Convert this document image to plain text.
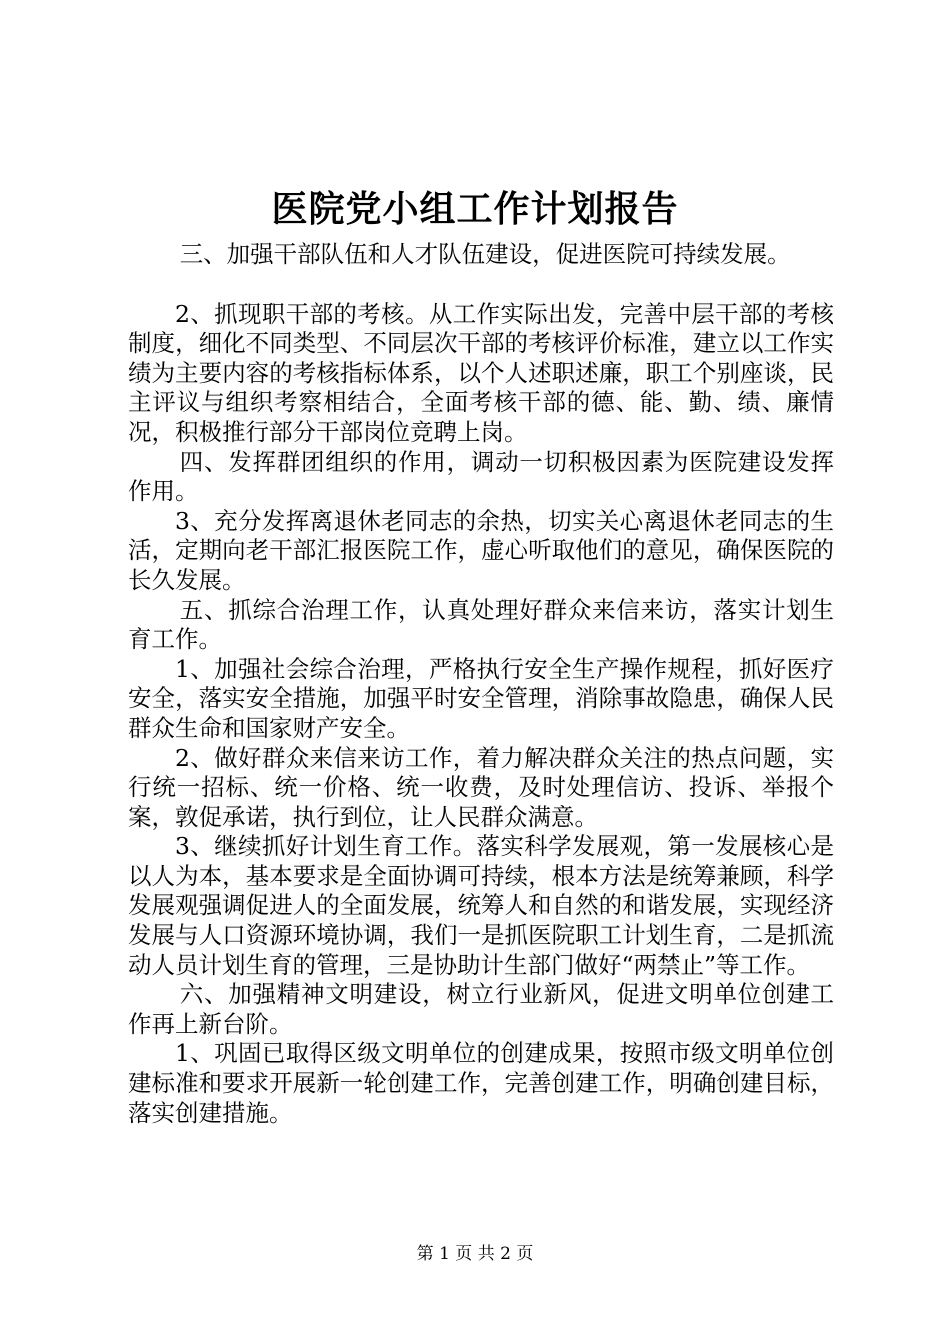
医院党小组工作计划报告

三、加强干部队伍和人才队伍建设，促进医院可持续发展。

2、抓现职干部的考核。从工作实际出发，完善中层干部的考核制度，细化不同类型、不同层次干部的考核评价标准，建立以工作实绩为主要内容的考核指标体系，以个人述职述廉，职工个别座谈，民主评议与组织考察相结合，全面考核干部的德、能、勤、绩、廉情况，积极推行部分干部岗位竞聘上岗。

四、发挥群团组织的作用，调动一切积极因素为医院建设发挥作用。

3、充分发挥离退休老同志的余热，切实关心离退休老同志的生活，定期向老干部汇报医院工作，虚心听取他们的意见，确保医院的长久发展。

五、抓综合治理工作，认真处理好群众来信来访，落实计划生育工作。

1、加强社会综合治理，严格执行安全生产操作规程，抓好医疗安全，落实安全措施，加强平时安全管理，消除事故隐患，确保人民群众生命和国家财产安全。

2、做好群众来信来访工作，着力解决群众关注的热点问题，实行统一招标、统一价格、统一收费，及时处理信访、投诉、举报个案，敦促承诺，执行到位，让人民群众满意。

3、继续抓好计划生育工作。落实科学发展观，第一发展核心是以人为本，基本要求是全面协调可持续，根本方法是统筹兼顾，科学发展观强调促进人的全面发展，统筹人和自然的和谐发展，实现经济发展与人口资源环境协调，我们一是抓医院职工计划生育，二是抓流动人员计划生育的管理，三是协助计生部门做好“两禁止”等工作。

六、加强精神文明建设，树立行业新风，促进文明单位创建工作再上新台阶。

1、巩固已取得区级文明单位的创建成果，按照市级文明单位创建标准和要求开展新一轮创建工作，完善创建工作，明确创建目标，落实创建措施。

第 1 页 共 2 页
